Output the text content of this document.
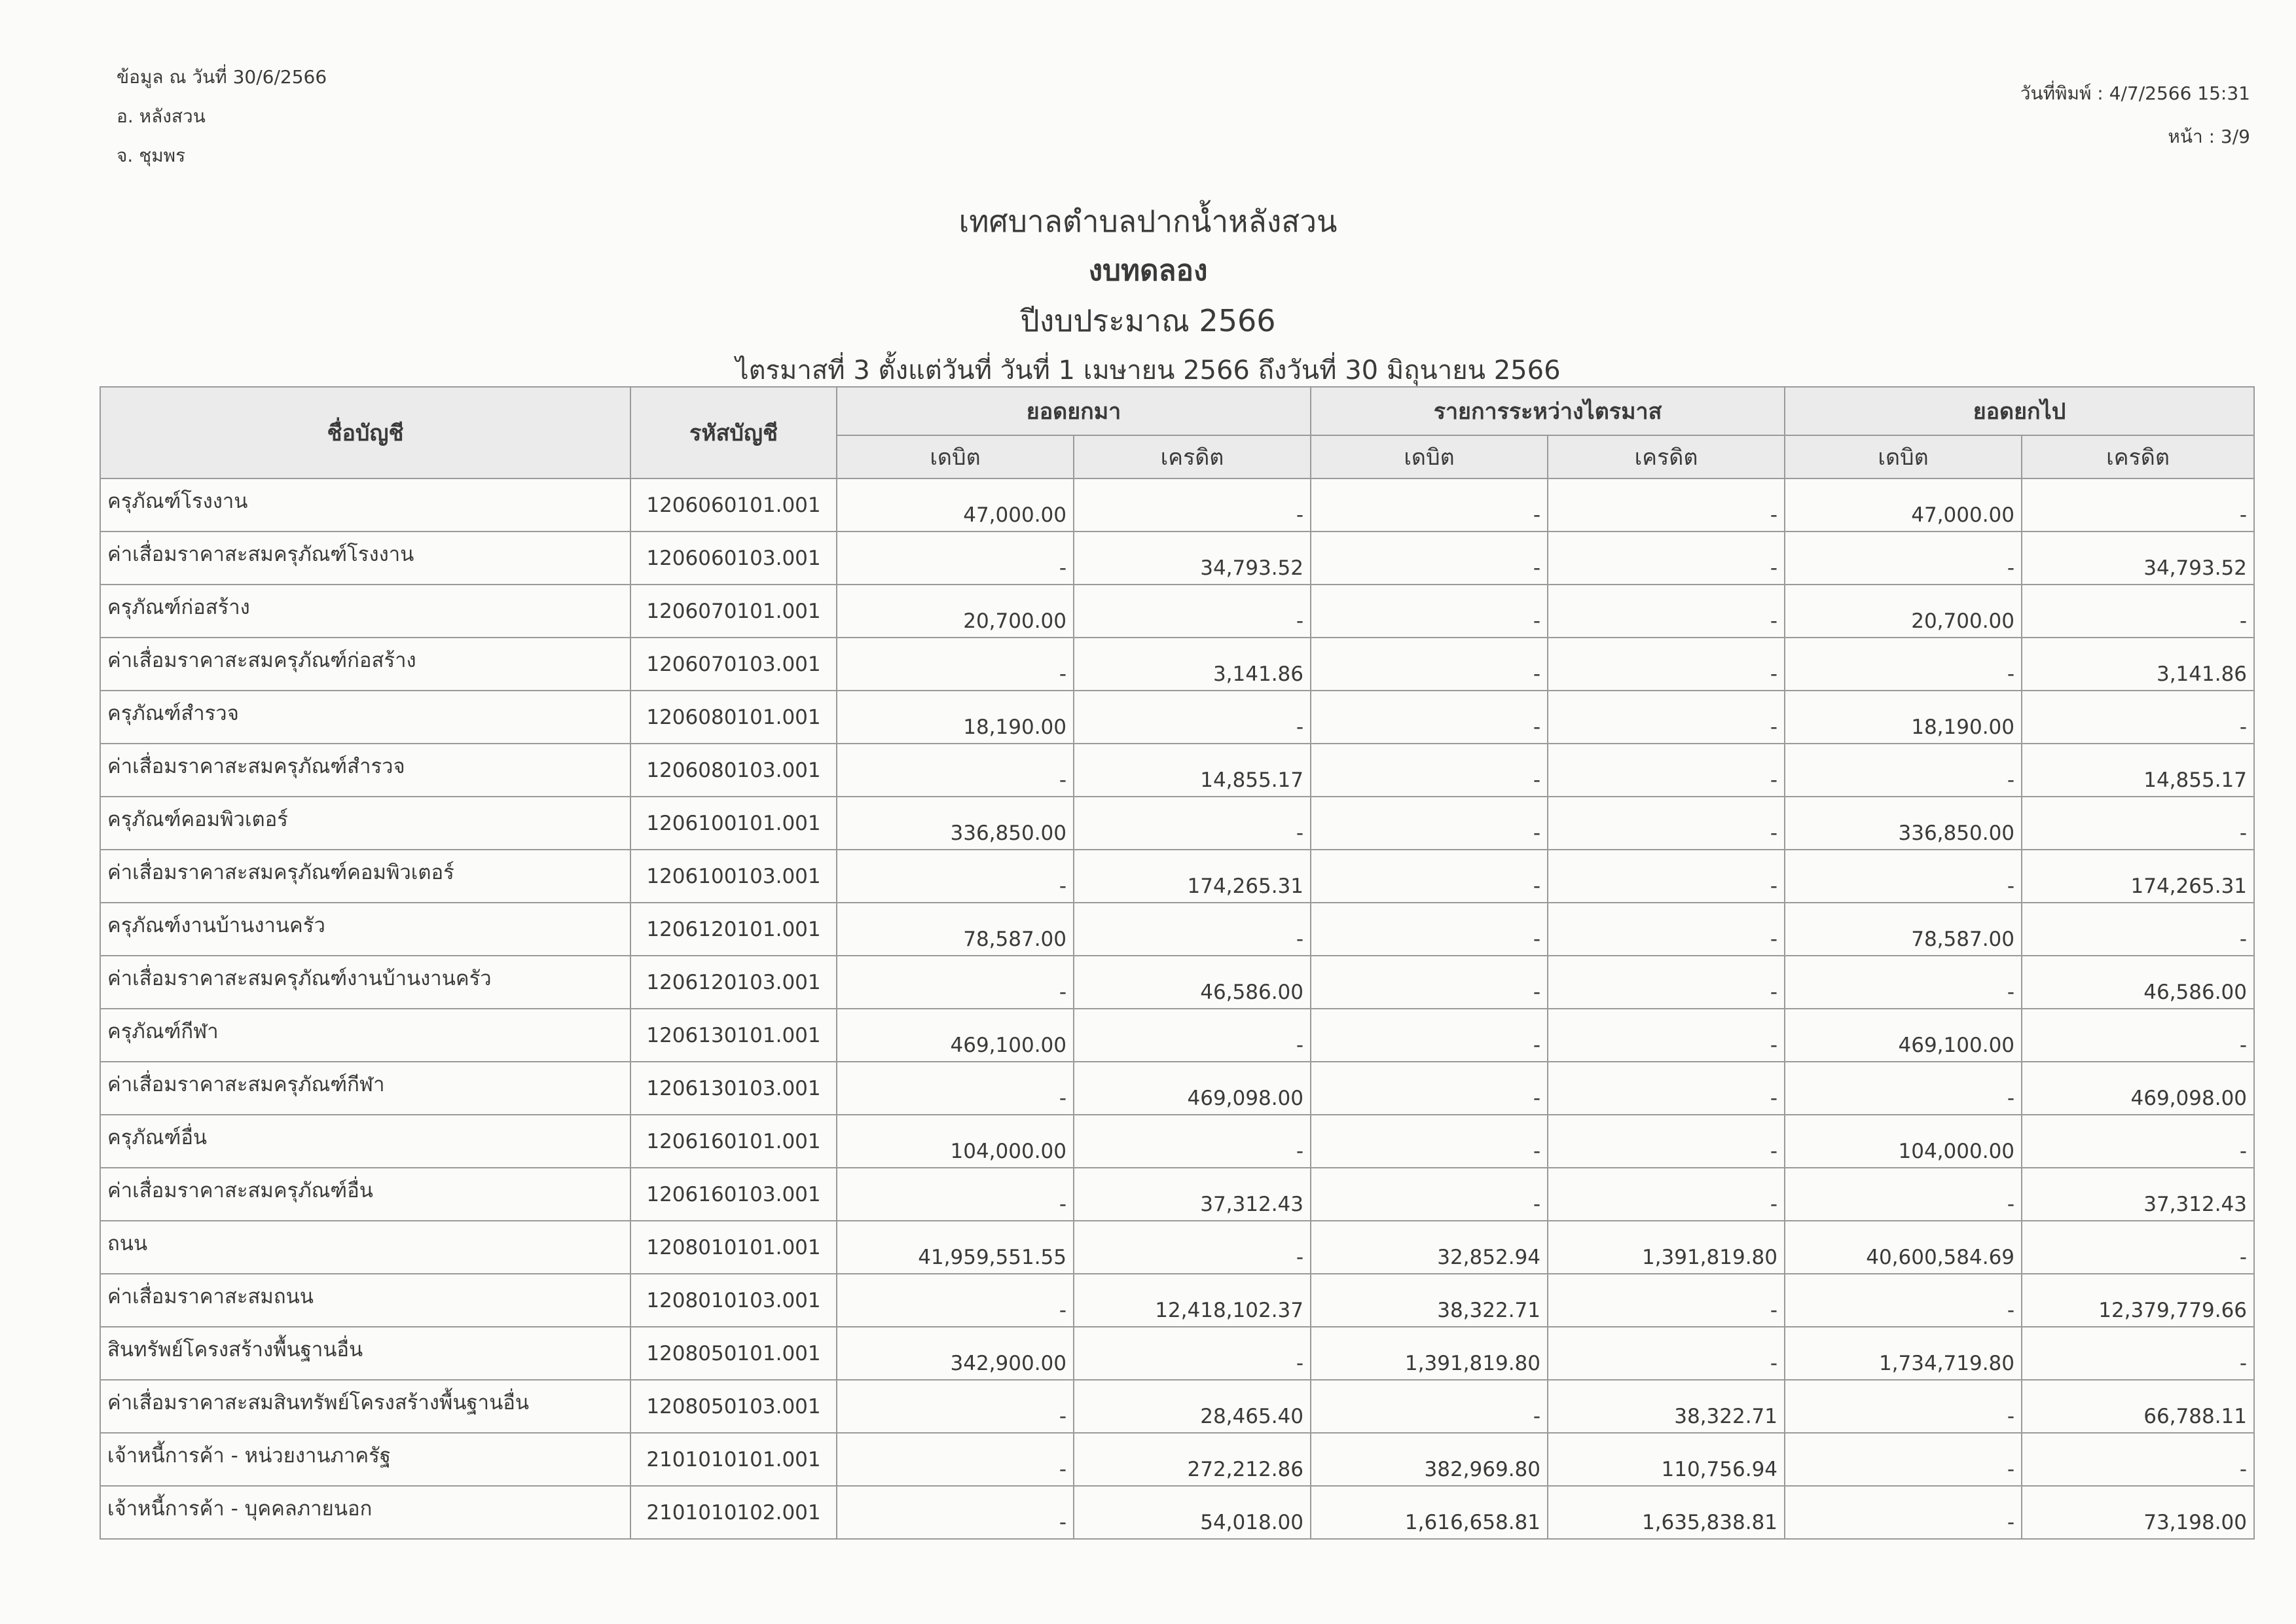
ข้อมูล ณ วันที่ 30/6/2566
อ. หลังสวน
จ. ชุมพร
วันที่พิมพ์ : 4/7/2566 15:31
หน้า : 3/9
เทศบาลตำบลปากน้ำหลังสวน
งบทดลอง
ปีงบประมาณ 2566
ไตรมาสที่ 3 ตั้งแต่วันที่ วันที่ 1 เมษายน 2566 ถึงวันที่ 30 มิถุนายน 2566
ชื่อบัญชี	รหัสบัญชี	ยอดยกมา		รายการระหว่างไตรมาส		ยอดยกไป	
		เดบิต	เครดิต	เดบิต	เครดิต	เดบิต	เครดิต
ครุภัณฑ์โรงงาน	1206060101.001	47,000.00	-	-	-	47,000.00	-
ค่าเสื่อมราคาสะสมครุภัณฑ์โรงงาน	1206060103.001	-	34,793.52	-	-	-	34,793.52
ครุภัณฑ์ก่อสร้าง	1206070101.001	20,700.00	-	-	-	20,700.00	-
ค่าเสื่อมราคาสะสมครุภัณฑ์ก่อสร้าง	1206070103.001	-	3,141.86	-	-	-	3,141.86
ครุภัณฑ์สำรวจ	1206080101.001	18,190.00	-	-	-	18,190.00	-
ค่าเสื่อมราคาสะสมครุภัณฑ์สำรวจ	1206080103.001	-	14,855.17	-	-	-	14,855.17
ครุภัณฑ์คอมพิวเตอร์	1206100101.001	336,850.00	-	-	-	336,850.00	-
ค่าเสื่อมราคาสะสมครุภัณฑ์คอมพิวเตอร์	1206100103.001	-	174,265.31	-	-	-	174,265.31
ครุภัณฑ์งานบ้านงานครัว	1206120101.001	78,587.00	-	-	-	78,587.00	-
ค่าเสื่อมราคาสะสมครุภัณฑ์งานบ้านงานครัว	1206120103.001	-	46,586.00	-	-	-	46,586.00
ครุภัณฑ์กีฬา	1206130101.001	469,100.00	-	-	-	469,100.00	-
ค่าเสื่อมราคาสะสมครุภัณฑ์กีฬา	1206130103.001	-	469,098.00	-	-	-	469,098.00
ครุภัณฑ์อื่น	1206160101.001	104,000.00	-	-	-	104,000.00	-
ค่าเสื่อมราคาสะสมครุภัณฑ์อื่น	1206160103.001	-	37,312.43	-	-	-	37,312.43
ถนน	1208010101.001	41,959,551.55	-	32,852.94	1,391,819.80	40,600,584.69	-
ค่าเสื่อมราคาสะสมถนน	1208010103.001	-	12,418,102.37	38,322.71	-	-	12,379,779.66
สินทรัพย์โครงสร้างพื้นฐานอื่น	1208050101.001	342,900.00	-	1,391,819.80	-	1,734,719.80	-
ค่าเสื่อมราคาสะสมสินทรัพย์โครงสร้างพื้นฐานอื่น	1208050103.001	-	28,465.40	-	38,322.71	-	66,788.11
เจ้าหนี้การค้า - หน่วยงานภาครัฐ	2101010101.001	-	272,212.86	382,969.80	110,756.94	-	-
เจ้าหนี้การค้า - บุคคลภายนอก	2101010102.001	-	54,018.00	1,616,658.81	1,635,838.81	-	73,198.00
